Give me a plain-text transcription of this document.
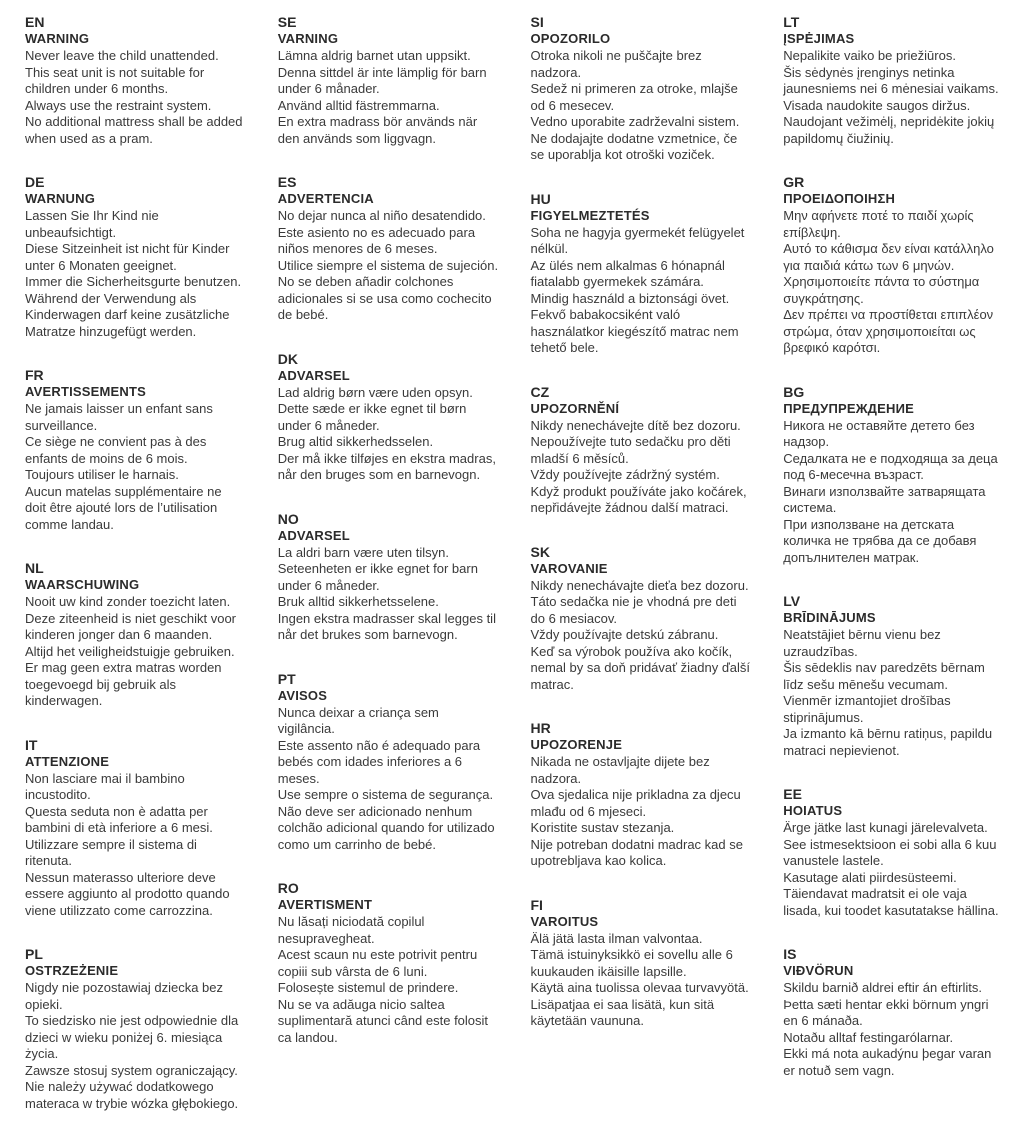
EN
WARNING

Never leave the child unattended.

This seat unit is not suitable for children under 6 months.

Always use the restraint system.

No additional mattress shall be added when used as a pram.

DE
WARNUNG

Lassen Sie Ihr Kind nie unbeaufsichtigt.

Diese Sitzeinheit ist nicht für Kinder unter 6 Monaten geeignet.

Immer die Sicherheitsgurte benutzen.

Während der Verwendung als Kinderwagen darf keine zusätzliche Matratze hinzugefügt werden.

FR
AVERTISSEMENTS

Ne jamais laisser un enfant sans surveillance.

Ce siège ne convient pas à des enfants de moins de 6 mois.

Toujours utiliser le harnais.

Aucun matelas supplémentaire ne doit être ajouté lors de l’utilisation comme landau.

NL
WAARSCHUWING

Nooit uw kind zonder toezicht laten.

Deze ziteenheid is niet geschikt voor kinderen jonger dan 6 maanden.

Altijd het veiligheidstuigje gebruiken.

Er mag geen extra matras worden toegevoegd bij gebruik als kinderwagen.

IT
ATTENZIONE

Non lasciare mai il bambino incustodito.

Questa seduta non è adatta per bambini di età inferiore a 6 mesi.

Utilizzare sempre il sistema di ritenuta.

Nessun materasso ulteriore deve essere aggiunto al prodotto quando viene utilizzato come carrozzina.

PL
OSTRZEŻENIE

Nigdy nie pozostawiaj dziecka bez opieki.

To siedzisko nie jest odpowiednie dla dzieci w wieku poniżej 6. miesiąca życia.

Zawsze stosuj system ograniczający.

Nie należy używać dodatkowego materaca w trybie wózka głębokiego.

SE
VARNING

Lämna aldrig barnet utan uppsikt.

Denna sittdel är inte lämplig för barn under 6 månader.

Använd alltid fästremmarna.

En extra madrass bör används när den används som liggvagn.

ES
ADVERTENCIA

No dejar nunca al niño desatendido.

Este asiento no es adecuado para niños menores de 6 meses.

Utilice siempre el sistema de sujeción.

No se deben añadir colchones adicionales si se usa como cochecito de bebé.

DK
ADVARSEL

Lad aldrig børn være uden opsyn.

Dette sæde er ikke egnet til børn under 6 måneder.

Brug altid sikkerhedsselen.

Der må ikke tilføjes en ekstra madras, når den bruges som en barnevogn.

NO
ADVARSEL

La aldri barn være uten tilsyn.

Seteenheten er ikke egnet for barn under 6 måneder.

Bruk alltid sikkerhetsselene.

Ingen ekstra madrasser skal legges til når det brukes som barnevogn.

PT
AVISOS

Nunca deixar a criança sem vigilância.

Este assento não é adequado para bebés com idades inferiores a 6 meses.

Use sempre o sistema de segurança.

Não deve ser adicionado nenhum colchão adicional quando for utilizado como um carrinho de bebé.

RO
AVERTISMENT

Nu lăsați niciodată copilul nesupravegheat.

Acest scaun nu este potrivit pentru copiii sub vârsta de 6 luni.

Folosește sistemul de prindere.

Nu se va adăuga nicio saltea suplimentară atunci când este folosit ca landou.

SI
OPOZORILO

Otroka nikoli ne puščajte brez nadzora.

Sedež ni primeren za otroke, mlajše od 6 mesecev.

Vedno uporabite zadrževalni sistem.

Ne dodajajte dodatne vzmetnice, če se uporablja kot otroški voziček.

HU
FIGYELMEZTETÉS

Soha ne hagyja gyermekét felügyelet nélkül.

Az ülés nem alkalmas 6 hónapnál fiatalabb gyermekek számára.

Mindig használd a biztonsági övet.

Fekvő babakocsiként való használatkor kiegészítő matrac nem tehető bele.

CZ
UPOZORNĚNÍ

Nikdy nenechávejte dítě bez dozoru.

Nepoužívejte tuto sedačku pro děti mladší 6 měsíců.

Vždy používejte zádržný systém.

Když produkt používáte jako kočárek, nepřidávejte žádnou další matraci.

SK
VAROVANIE

Nikdy nenechávajte dieťa bez dozoru.

Táto sedačka nie je vhodná pre deti do 6 mesiacov.

Vždy používajte detskú zábranu.

Keď sa výrobok používa ako kočík, nemal by sa doň pridávať žiadny ďalší matrac.

HR
UPOZORENJE

Nikada ne ostavljajte dijete bez nadzora.

Ova sjedalica nije prikladna za djecu mlađu od 6 mjeseci.

Koristite sustav stezanja.

Nije potreban dodatni madrac kad se upotrebljava kao kolica.

FI
VAROITUS

Älä jätä lasta ilman valvontaa.

Tämä istuinyksikkö ei sovellu alle 6 kuukauden ikäisille lapsille.

Käytä aina tuolissa olevaa turvavyötä.

Lisäpatjaa ei saa lisätä, kun sitä käytetään vaununa.

LT
ĮSPĖJIMAS

Nepalikite vaiko be priežiūros.

Šis sėdynės įrenginys netinka jaunesniems nei 6 mėnesiai vaikams.

Visada naudokite saugos diržus.

Naudojant vežimėlį, nepridėkite jokių papildomų čiužinių.

GR
ΠΡΟΕΙΔΟΠΟΙΗΣΗ

Μην αφήνετε ποτέ το παιδί χωρίς επίβλεψη.

Αυτό το κάθισμα δεν είναι κατάλληλο για παιδιά κάτω των 6 μηνών.

Χρησιμοποιείτε πάντα το σύστημα συγκράτησης.

Δεν πρέπει να προστίθεται επιπλέον στρώμα, όταν χρησιμοποιείται ως βρεφικό καρότσι.

BG
ПРЕДУПРЕЖДЕНИЕ

Никога не оставяйте детето без надзор.

Седалката не е подходяща за деца под 6-месечна възраст.

Винаги използвайте затварящата система.

При използване на детската количка не трябва да се добавя допълнителен матрак.

LV
BRĪDINĀJUMS

Neatstājiet bērnu vienu bez uzraudzības.

Šis sēdeklis nav paredzēts bērnam līdz sešu mēnešu vecumam.

Vienmēr izmantojiet drošības stiprinājumus.

Ja izmanto kā bērnu ratiņus, papildu matraci nepievienot.

EE
HOIATUS

Ärge jätke last kunagi järelevalveta.

See istmesektsioon ei sobi alla 6 kuu vanustele lastele.

Kasutage alati piirdesüsteemi.

Täiendavat madratsit ei ole vaja lisada, kui toodet kasutatakse hällina.

IS
VIÐVÖRUN

Skildu barnið aldrei eftir án eftirlits.

Þetta sæti hentar ekki börnum yngri en 6 mánaða.

Notaðu alltaf festingarólarnar.

Ekki má nota aukadýnu þegar varan er notuð sem vagn.
